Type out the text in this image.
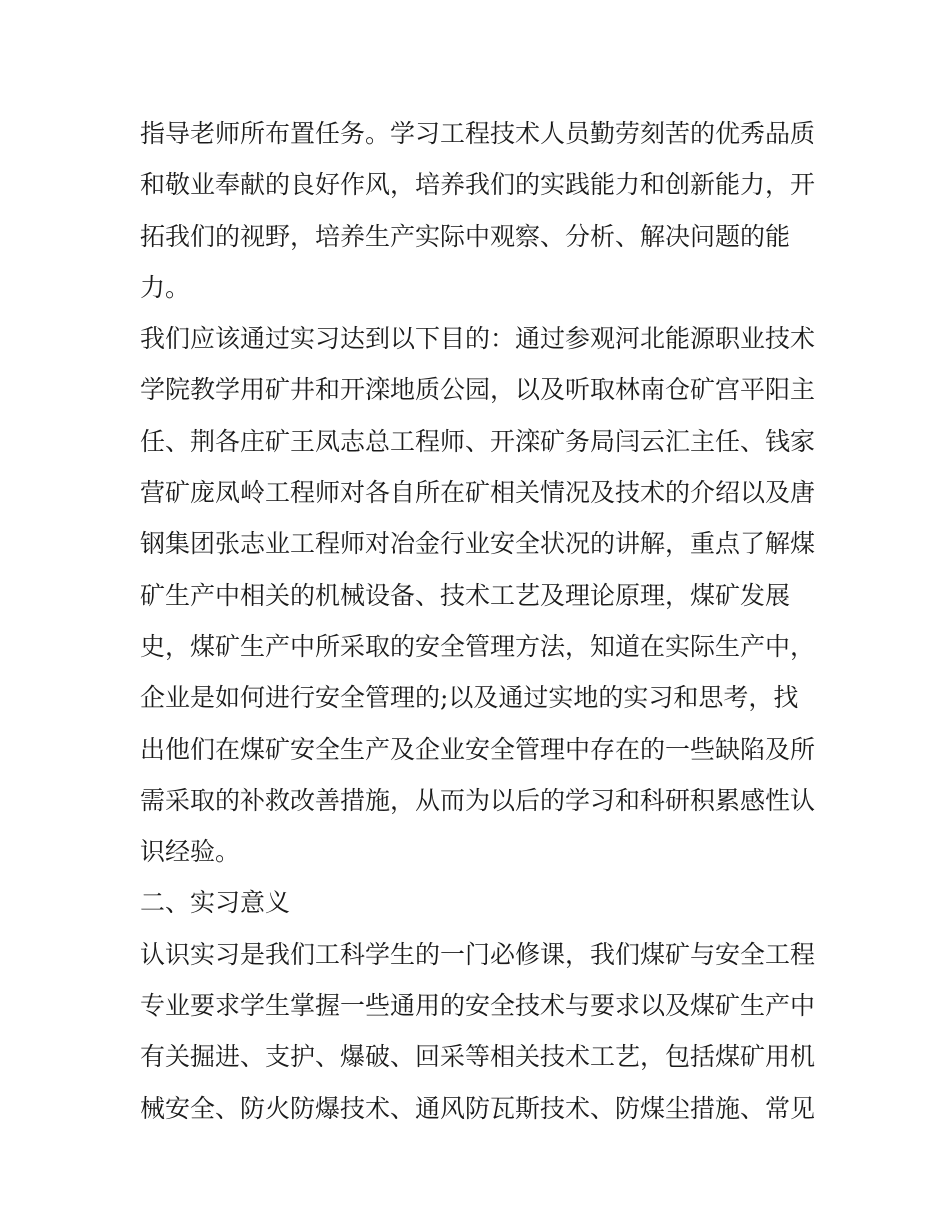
指导老师所布置任务。学习工程技术人员勤劳刻苦的优秀品质
和敬业奉献的良好作风，培养我们的实践能力和创新能力，开
拓我们的视野，培养生产实际中观察、分析、解决问题的能
力。
我们应该通过实习达到以下目的：通过参观河北能源职业技术
学院教学用矿井和开滦地质公园，以及听取林南仓矿宫平阳主
任、荆各庄矿王凤志总工程师、开滦矿务局闫云汇主任、钱家
营矿庞凤岭工程师对各自所在矿相关情况及技术的介绍以及唐
钢集团张志业工程师对冶金行业安全状况的讲解，重点了解煤
矿生产中相关的机械设备、技术工艺及理论原理，煤矿发展
史，煤矿生产中所采取的安全管理方法，知道在实际生产中，
企业是如何进行安全管理的;以及通过实地的实习和思考，找
出他们在煤矿安全生产及企业安全管理中存在的一些缺陷及所
需采取的补救改善措施，从而为以后的学习和科研积累感性认
识经验。
二、实习意义
认识实习是我们工科学生的一门必修课，我们煤矿与安全工程
专业要求学生掌握一些通用的安全技术与要求以及煤矿生产中
有关掘进、支护、爆破、回采等相关技术工艺，包括煤矿用机
械安全、防火防爆技术、通风防瓦斯技术、防煤尘措施、常见
